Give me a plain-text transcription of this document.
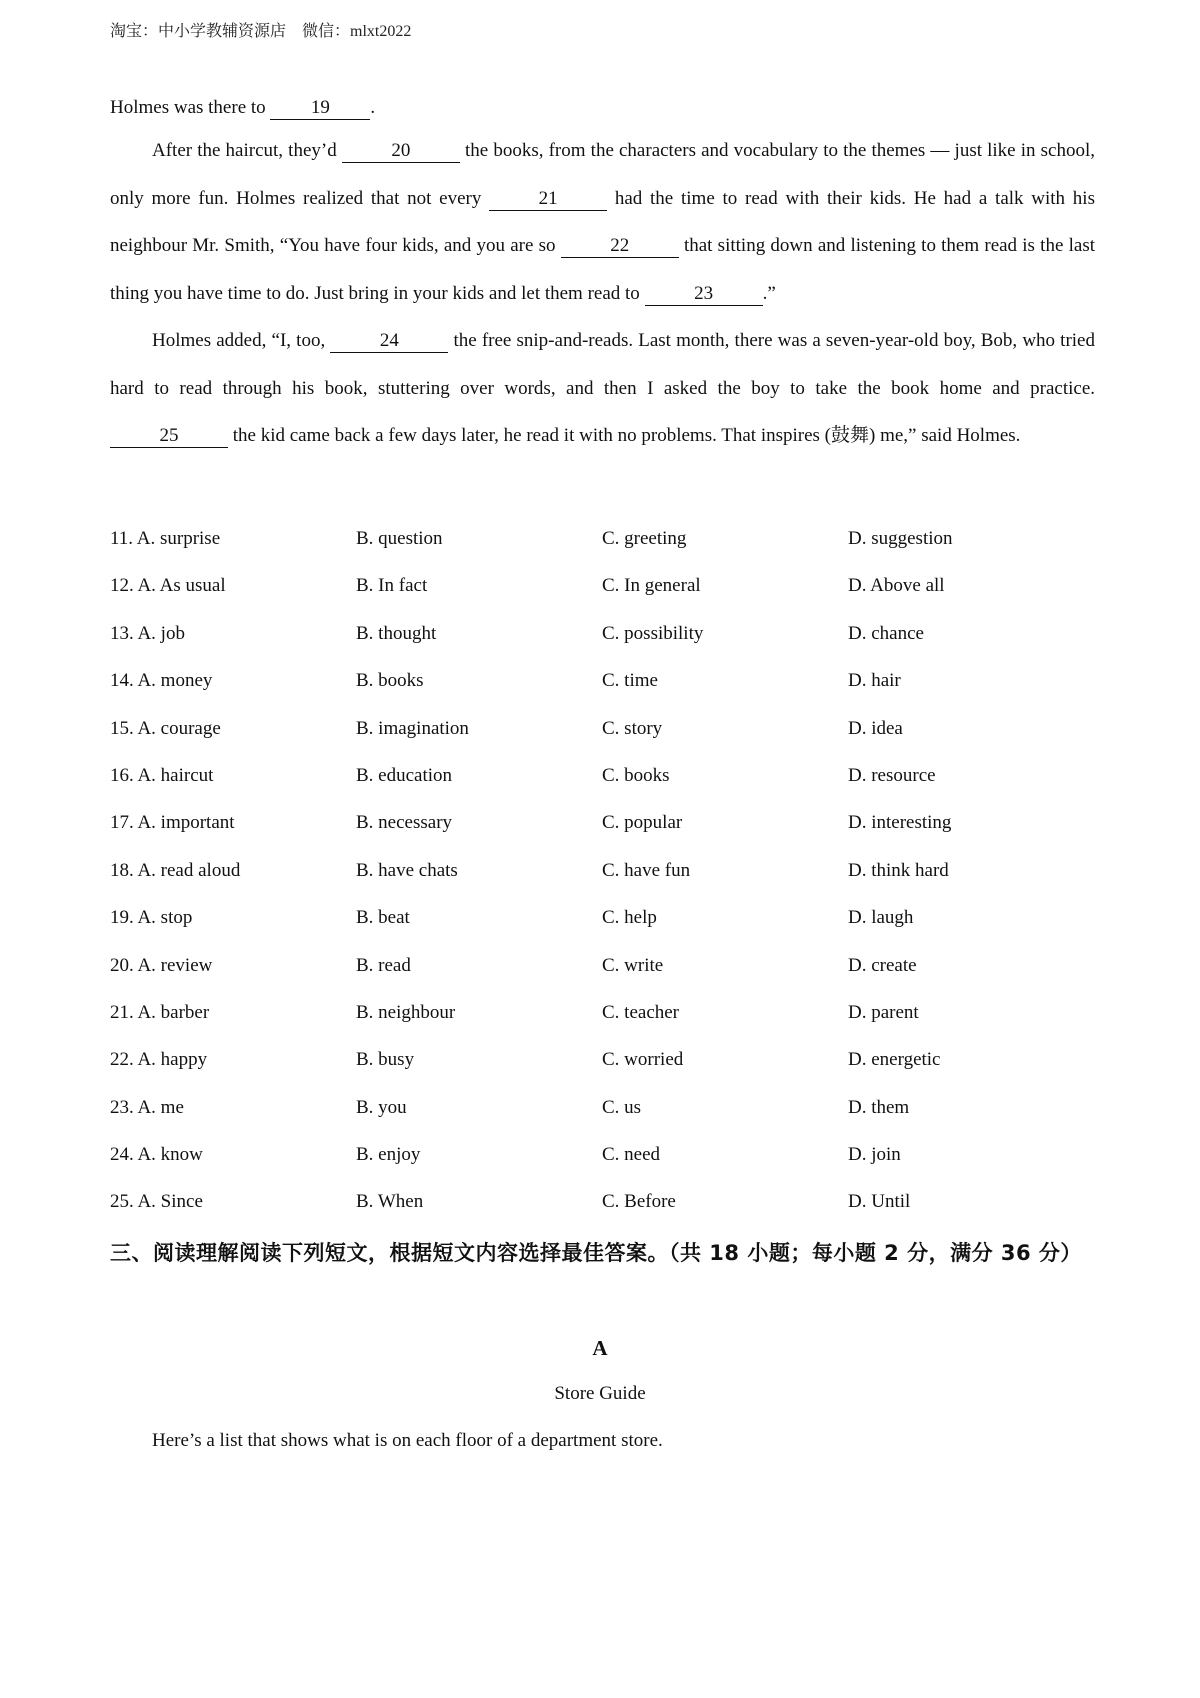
淘宝：中小学教辅资源店    微信：mlxt2022
Holmes was there to 19 .
After the haircut, they’d	20	the books, from the characters and vocabulary to the themes — just like in school, only more fun. Holmes realized that not every	21	had the time to read with their kids. He had a talk with his neighbour Mr. Smith, “You have four kids, and you are so	22	that sitting down and listening to them read is the last thing you have time to do. Just bring in your kids and let them read to	23	.”
Holmes added, “I, too,	24	the free snip-and-reads. Last month, there was a seven-year-old boy, Bob, who tried hard to read through his book, stuttering over words, and then I asked the boy to take the book home and practice. 25	the kid came back a few days later, he read it with no problems. That inspires (鼓舞) me,” said Holmes.
11. A. surprise	B. question	C. greeting	D. suggestion
12. A. As usual	B. In fact	C. In general	D. Above all
13. A. job	B. thought	C. possibility	D. chance
14. A. money	B. books	C. time	D. hair
15. A. courage	B. imagination	C. story	D. idea
16. A. haircut	B. education	C. books	D. resource
17. A. important	B. necessary	C. popular	D. interesting
18. A. read aloud	B. have chats	C. have fun	D. think hard
19. A. stop	B. beat	C. help	D. laugh
20. A. review	B. read	C. write	D. create
21. A. barber	B. neighbour	C. teacher	D. parent
22. A. happy	B. busy	C. worried	D. energetic
23. A. me	B. you	C. us	D. them
24. A. know	B. enjoy	C. need	D. join
25. A. Since	B. When	C. Before	D. Until
三、阅读理解阅读下列短文，根据短文内容选择最佳答案。（共 18 小题；每小题 2 分，满分 36 分）
A
Store Guide
Here’s a list that shows what is on each floor of a department store.
